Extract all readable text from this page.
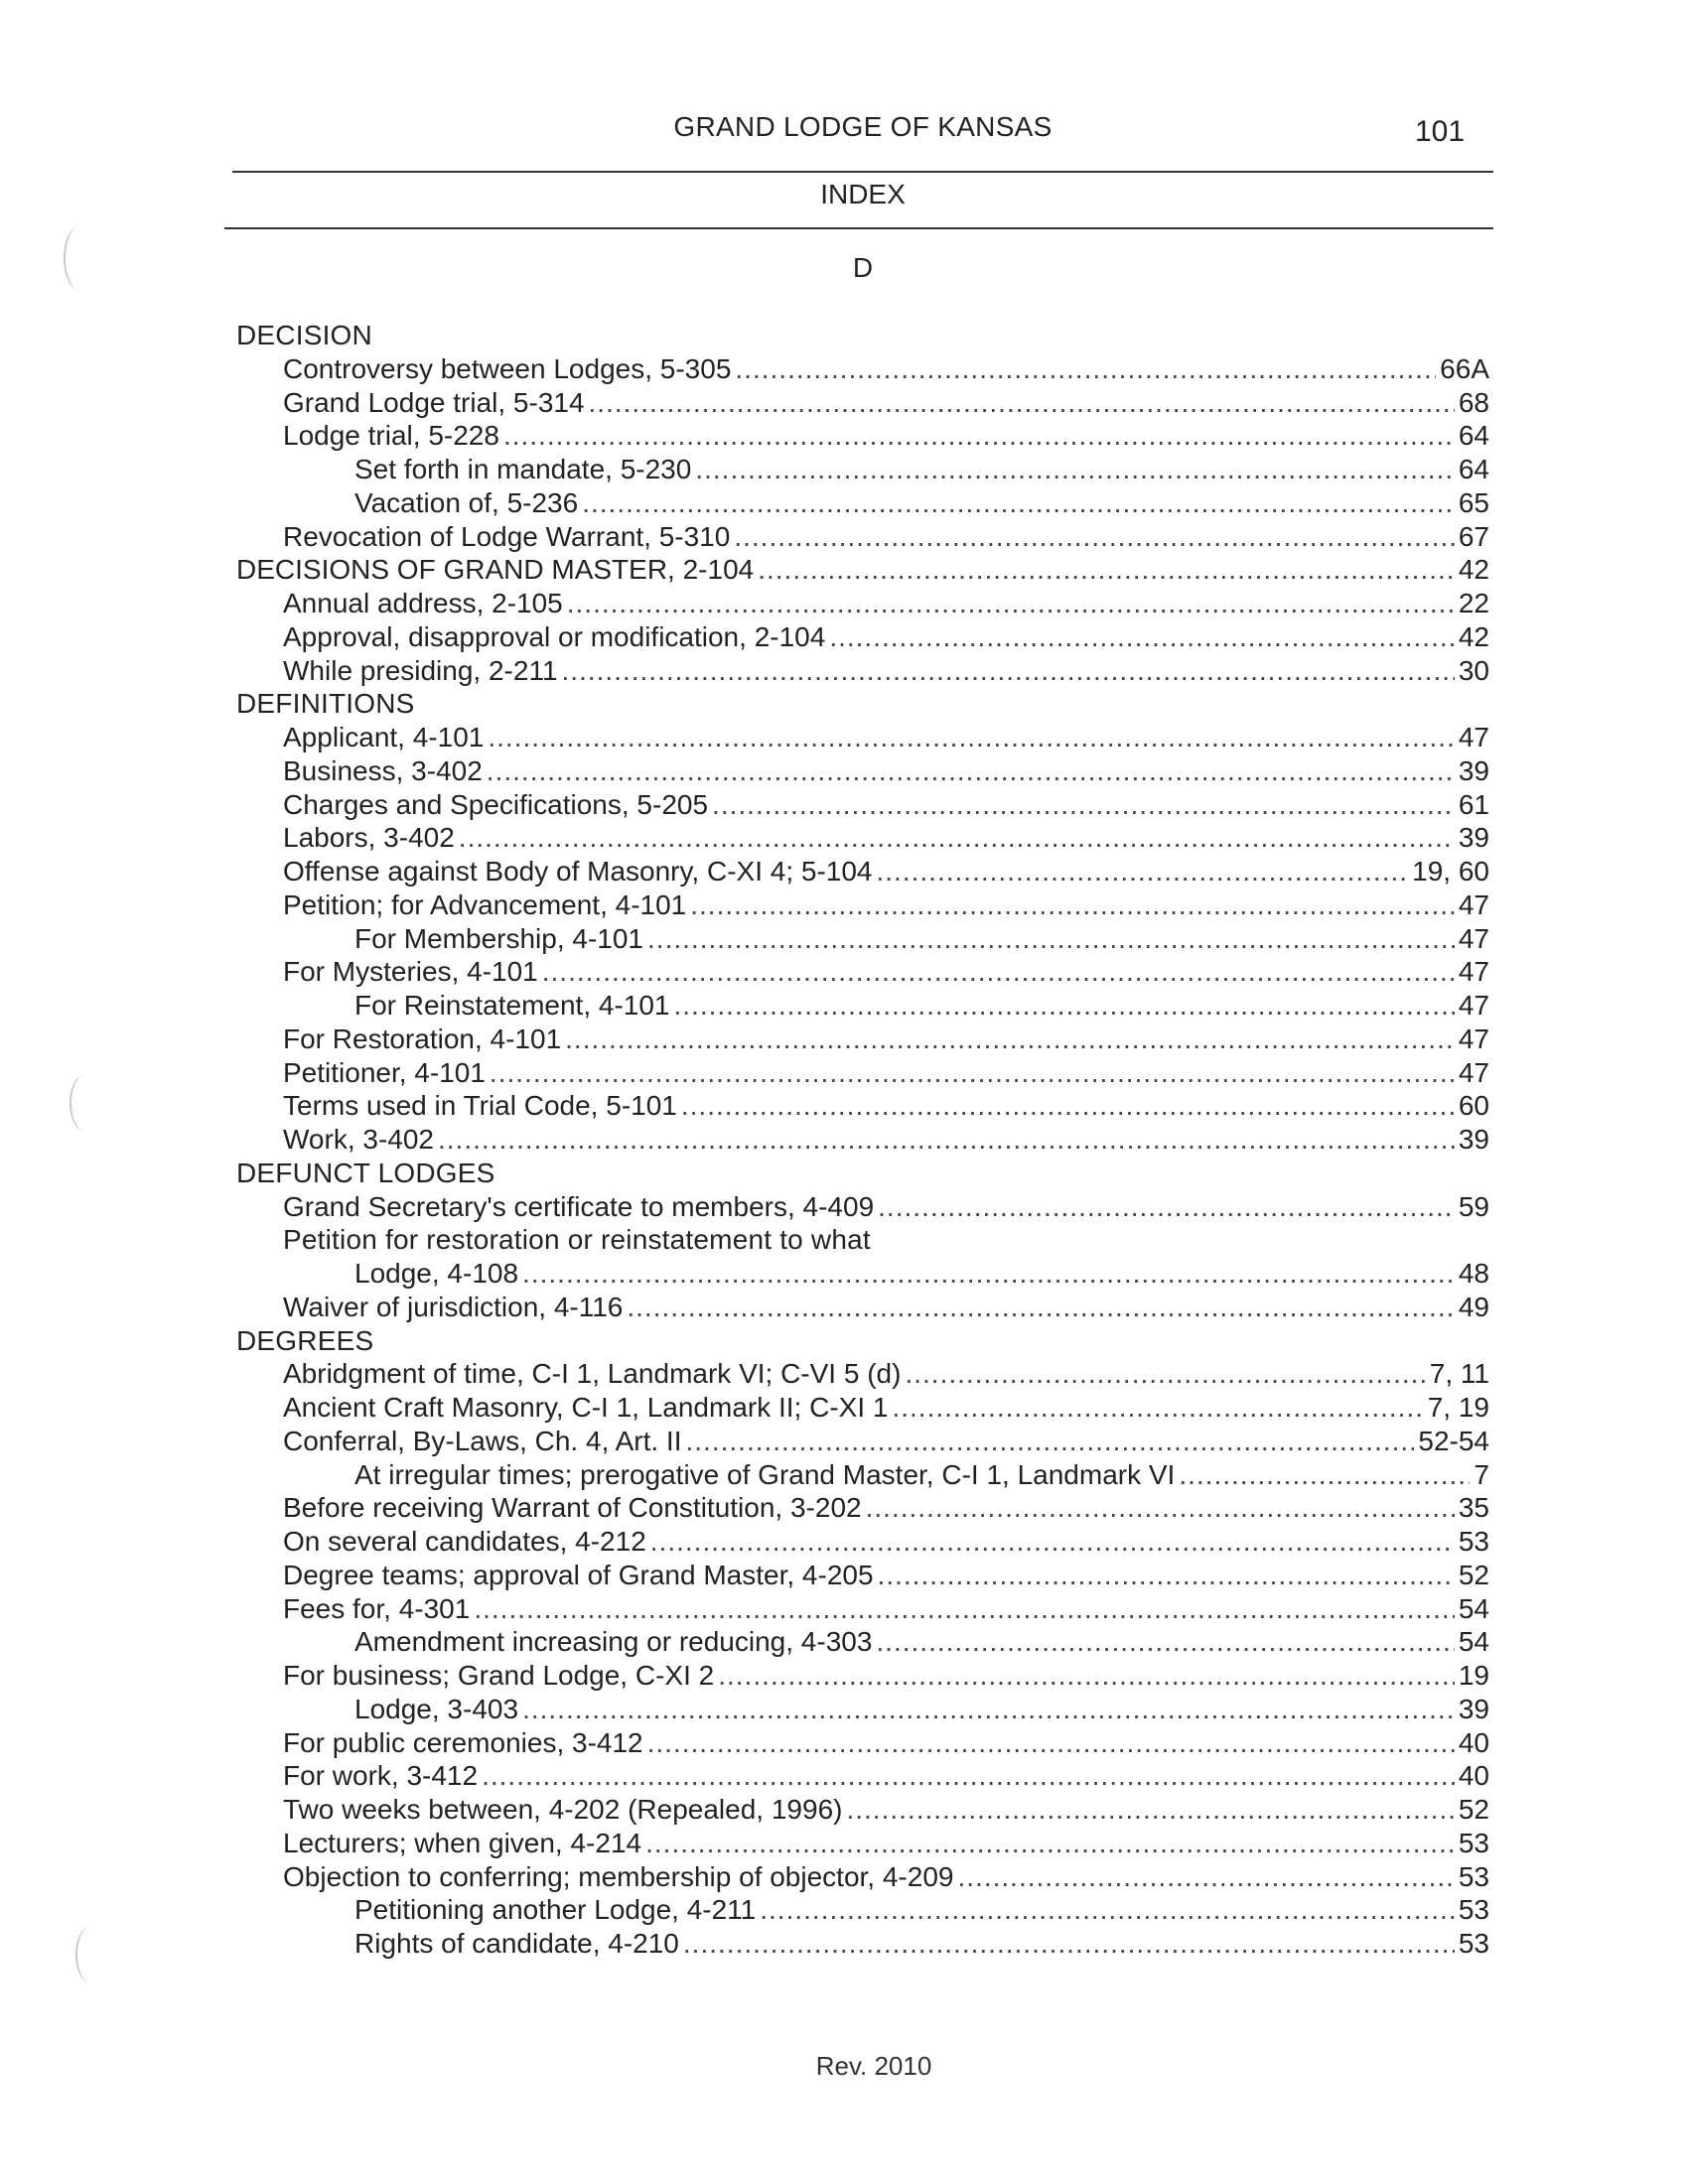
GRAND LODGE OF KANSAS	101
INDEX
D
DECISION
Controversy between Lodges, 5-305 .....	66A
Grand Lodge trial, 5-314 .....	68
Lodge trial, 5-228 .....	64
Set forth in mandate, 5-230 .....	64
Vacation of, 5-236 .....	65
Revocation of Lodge Warrant, 5-310 .....	67
DECISIONS OF GRAND MASTER, 2-104 .....	42
Annual address, 2-105 .....	22
Approval, disapproval or modification, 2-104 .....	42
While presiding, 2-211 .....	30
DEFINITIONS
Applicant, 4-101 .....	47
Business, 3-402 .....	39
Charges and Specifications, 5-205 .....	61
Labors, 3-402 .....	39
Offense against Body of Masonry, C-XI 4; 5-104 .....	19, 60
Petition; for Advancement, 4-101 .....	47
For Membership, 4-101 .....	47
For Mysteries, 4-101 .....	47
For Reinstatement, 4-101 .....	47
For Restoration, 4-101 .....	47
Petitioner, 4-101 .....	47
Terms used in Trial Code, 5-101 .....	60
Work, 3-402 .....	39
DEFUNCT LODGES
Grand Secretary's certificate to members, 4-409 .....	59
Petition for restoration or reinstatement to what
Lodge, 4-108 .....	48
Waiver of jurisdiction, 4-116 .....	49
DEGREES
Abridgment of time, C-I 1, Landmark VI; C-VI 5 (d) .....	7, 11
Ancient Craft Masonry, C-I 1, Landmark II; C-XI 1 .....	7, 19
Conferral, By-Laws, Ch. 4, Art. II .....	52-54
At irregular times; prerogative of Grand Master, C-I 1, Landmark VI .....	7
Before receiving Warrant of Constitution, 3-202 .....	35
On several candidates, 4-212 .....	53
Degree teams; approval of Grand Master, 4-205 .....	52
Fees for, 4-301 .....	54
Amendment increasing or reducing, 4-303 .....	54
For business; Grand Lodge, C-XI 2 .....	19
Lodge, 3-403 .....	39
For public ceremonies, 3-412 .....	40
For work, 3-412 .....	40
Two weeks between, 4-202 (Repealed, 1996) .....	52
Lecturers; when given, 4-214 .....	53
Objection to conferring; membership of objector, 4-209 .....	53
Petitioning another Lodge, 4-211 .....	53
Rights of candidate, 4-210 .....	53
Rev. 2010
